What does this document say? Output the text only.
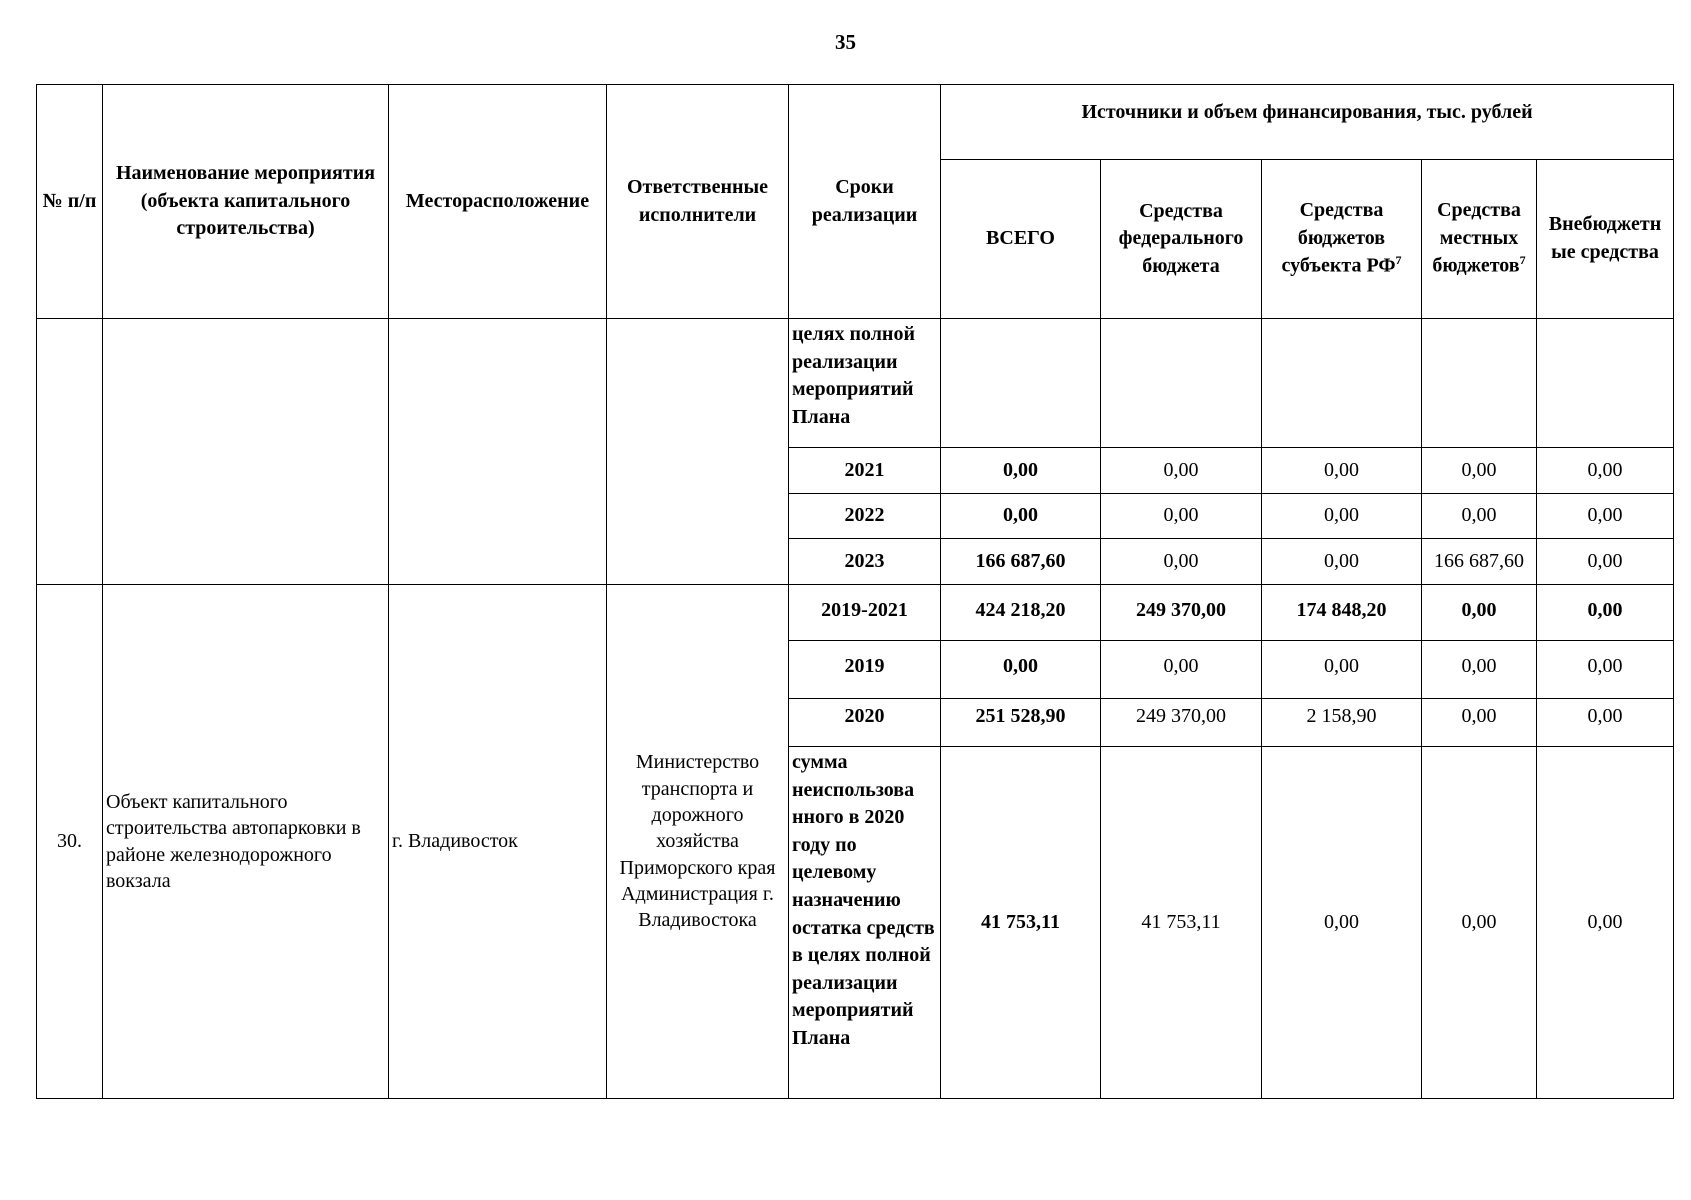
35
№ п/п	Наименование мероприятия (объекта капитального строительства)	Месторасположение	Ответственные исполнители	Сроки реализации	Источники и объем финансирования, тыс. рублей				
					ВСЕГО	Средства федерального бюджета	Средства бюджетов субъекта $РФ^7$	Средства местных бюджетов$^7$	Внебюджетн ые средства
				целях полной реализации мероприятий Плана					
				2021	0,00	0,00	0,00	0,00	0,00
				2022	0,00	0,00	0,00	0,00	0,00
				2023	166 687,60	0,00	0,00	166 687,60	0,00
30.	Объект капитального строительства автопарковки в районе железнодорожного вокзала	г. Владивосток	Министерство транспорта и дорожного хозяйства Приморского края Администрация г. Владивостока	2019-2021	424 218,20	249 370,00	174 848,20	0,00	0,00
				2019	0,00	0,00	0,00	0,00	0,00
				2020	251 528,90	249 370,00	2 158,90	0,00	0,00
				сумма неиспользова нного в 2020 году по целевому назначению остатка средств в целях полной реализации мероприятий Плана	41 753,11	41 753,11	0,00	0,00	0,00
